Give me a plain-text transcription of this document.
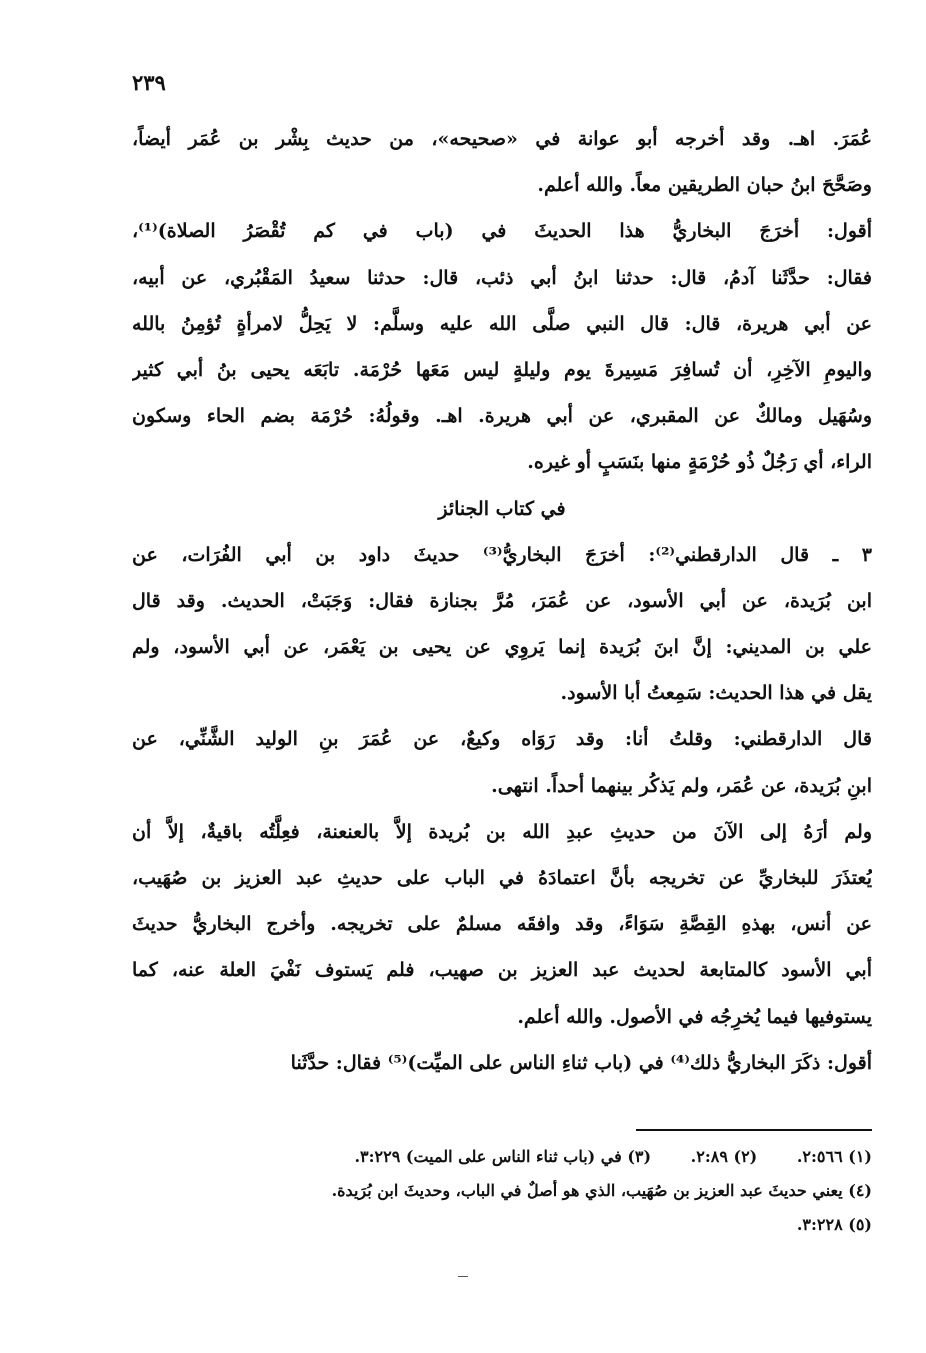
٢٣٩
عُمَرَ. اهـ. وقد أخرجه أبو عوانة في «صحيحه»، من حديث بِشْر بن عُمَر أيضاً،
وصَحَّحَ ابنُ حبان الطريقين معاً. والله أعلم.
أقول: أخرَجَ البخاريُّ هذا الحديثَ في (باب في كم تُقْصَرُ الصلاة)⁽¹⁾،
فقال: حدَّثَنا آدمُ، قال: حدثنا ابنُ أبي ذئب، قال: حدثنا سعيدُ المَقْبُري، عن أبيه،
عن أبي هريرة، قال: قال النبي صلَّى الله عليه وسلَّم: لا يَحِلُّ لامرأةٍ تُؤمِنُ بالله
واليومِ الآخِرِ، أن تُسافِرَ مَسِيرةَ يوم وليلةٍ ليس مَعَها حُرْمَة. تابَعَه يحيى بنُ أبي كثير
وسُهَيل ومالكٌ عن المقبري، عن أبي هريرة. اهـ. وقولُهُ: حُرْمَة بضم الحاء وسكون
الراء، أي رَجُلٌ ذُو حُرْمَةٍ منها بنَسَبٍ أو غيره.
في كتاب الجنائز
٣ ـ قال الدارقطني⁽²⁾: أخرَجَ البخاريُّ⁽³⁾ حديثَ داود بن أبي الفُرَات، عن
ابن بُرَيدة، عن أبي الأسود، عن عُمَرَ، مُرَّ بجنازة فقال: وَجَبَتْ، الحديث. وقد قال
علي بن المديني: إنَّ ابنَ بُرَيدة إنما يَروِي عن يحيى بن يَعْمَر، عن أبي الأسود، ولم
يقل في هذا الحديث: سَمِعتُ أبا الأسود.
قال الدارقطني: وقلتُ أنا: وقد رَوَاه وكيعٌ، عن عُمَرَ بنِ الوليد الشَّنِّي، عن
ابنِ بُرَيدة، عن عُمَر، ولم يَذكُر بينهما أحداً. انتهى.
ولم أرَهُ إلى الآنَ من حديثِ عبدِ الله بن بُريدة إلاَّ بالعنعنة، فعِلَّتُه باقيةٌ، إلاَّ أن
يُعتذَرَ للبخاريِّ عن تخريجه بأنَّ اعتمادَهُ في الباب على حديثِ عبد العزيز بن صُهَيب،
عن أنس، بهذهِ القِصَّةِ سَوَاءً، وقد وافقَه مسلمٌ على تخريجه. وأخرج البخاريُّ حديثَ
أبي الأسود كالمتابعة لحديث عبد العزيز بن صهيب، فلم يَستوف نَفْيَ العلة عنه، كما
يستوفيها فيما يُخرِجُه في الأصول. والله أعلم.
أقول: ذكَرَ البخاريُّ ذلك⁽⁴⁾ في (باب ثناءِ الناس على الميِّت)⁽⁵⁾ فقال: حدَّثَنا
(١) ٢:٥٦٦. (٢) ٢:٨٩. (٣) في (باب ثناء الناس على الميت) ٣:٢٢٩.
(٤) يعني حديثَ عبد العزيز بن صُهَيب، الذي هو أصلٌ في الباب، وحديثَ ابن بُرَيدة.
(٥) ٣:٢٢٨.
